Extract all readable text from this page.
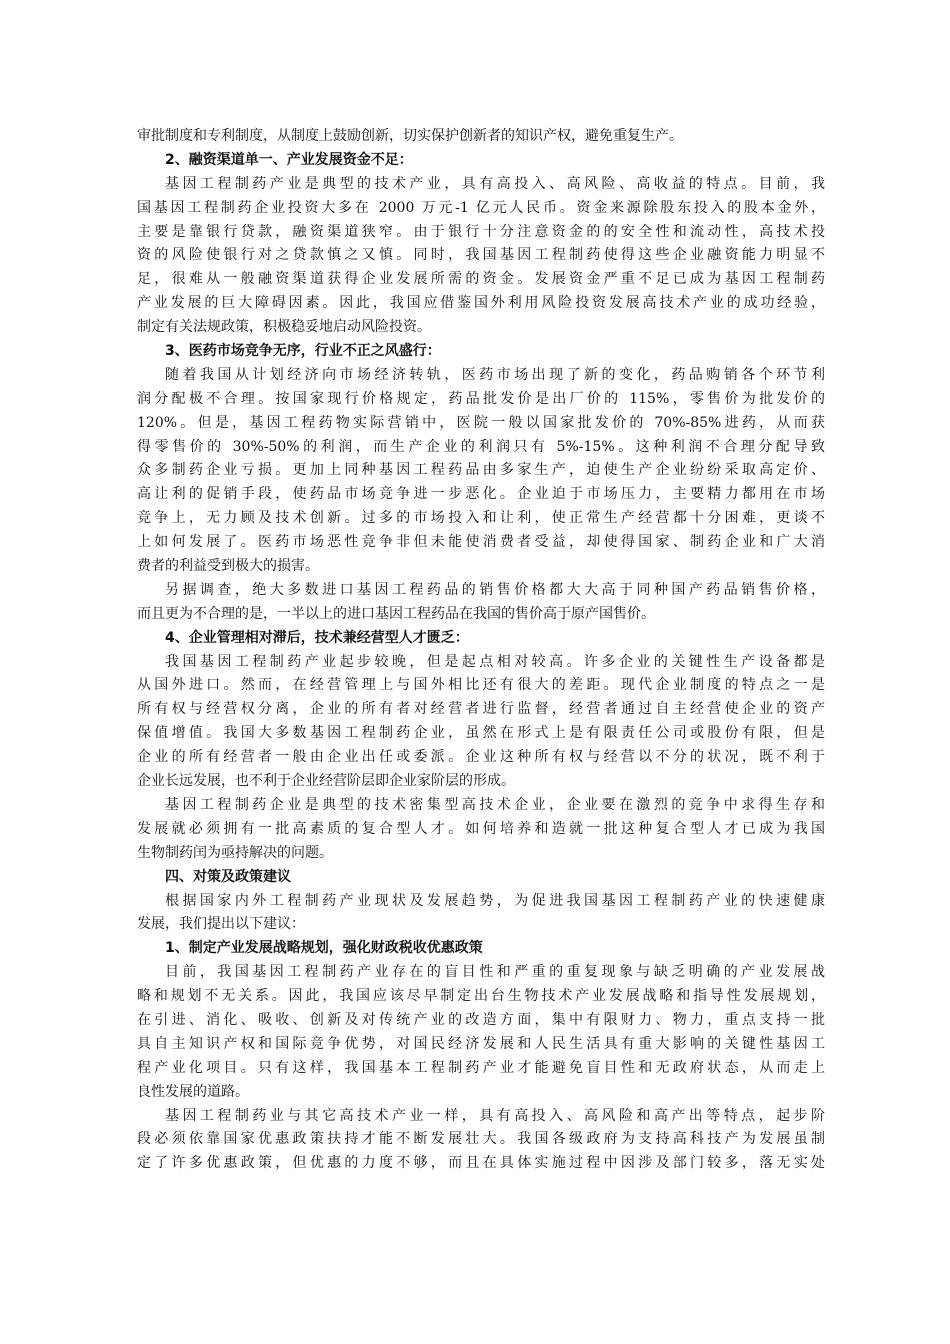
审批制度和专利制度，从制度上鼓励创新，切实保护创新者的知识产权，避免重复生产。
2、融资渠道单一、产业发展资金不足：
基因工程制药产业是典型的技术产业，具有高投入、高风险、高收益的特点。目前，我
国基因工程制药企业投资大多在 2000 万元-1 亿元人民币。资金来源除股东投入的股本金外，
主要是靠银行贷款，融资渠道狭窄。由于银行十分注意资金的的安全性和流动性，高技术投
资的风险使银行对之贷款慎之又慎。同时，我国基因工程制药使得这些企业融资能力明显不
足，很难从一般融资渠道获得企业发展所需的资金。发展资金严重不足已成为基因工程制药
产业发展的巨大障碍因素。因此，我国应借鉴国外利用风险投资发展高技术产业的成功经验，
制定有关法规政策，积极稳妥地启动风险投资。
3、医药市场竞争无序，行业不正之风盛行：
随着我国从计划经济向市场经济转轨，医药市场出现了新的变化，药品购销各个环节利
润分配极不合理。按国家现行价格规定，药品批发价是出厂价的 115%，零售价为批发价的
120%。但是，基因工程药物实际营销中，医院一般以国家批发价的 70%-85%进药，从而获
得零售价的 30%-50%的利润，而生产企业的利润只有 5%-15%。这种利润不合理分配导致
众多制药企业亏损。更加上同种基因工程药品由多家生产，迫使生产企业纷纷采取高定价、
高让利的促销手段，使药品市场竞争进一步恶化。企业迫于市场压力，主要精力都用在市场
竞争上，无力顾及技术创新。过多的市场投入和让利，使正常生产经营都十分困难，更谈不
上如何发展了。医药市场恶性竞争非但未能使消费者受益，却使得国家、制药企业和广大消
费者的利益受到极大的损害。
另据调查，绝大多数进口基因工程药品的销售价格都大大高于同种国产药品销售价格，
而且更为不合理的是，一半以上的进口基因工程药品在我国的售价高于原产国售价。
4、企业管理相对滞后，技术兼经营型人才匮乏：
我国基因工程制药产业起步较晚，但是起点相对较高。许多企业的关键性生产设备都是
从国外进口。然而，在经营管理上与国外相比还有很大的差距。现代企业制度的特点之一是
所有权与经营权分离，企业的所有者对经营者进行监督，经营者通过自主经营使企业的资产
保值增值。我国大多数基因工程制药企业，虽然在形式上是有限责任公司或股份有限，但是
企业的所有经营者一般由企业出任或委派。企业这种所有权与经营以不分的状况，既不利于
企业长远发展，也不利于企业经营阶层即企业家阶层的形成。
基因工程制药企业是典型的技术密集型高技术企业，企业要在激烈的竞争中求得生存和
发展就必须拥有一批高素质的复合型人才。如何培养和造就一批这种复合型人才已成为我国
生物制药闰为亟持解决的问题。
四、对策及政策建议
根据国家内外工程制药产业现状及发展趋势，为促进我国基因工程制药产业的快速健康
发展，我们提出以下建议：
1、制定产业发展战略规划，强化财政税收优惠政策
目前，我国基因工程制药产业存在的盲目性和严重的重复现象与缺乏明确的产业发展战
略和规划不无关系。因此，我国应该尽早制定出台生物技术产业发展战略和指导性发展规划，
在引进、消化、吸收、创新及对传统产业的改造方面，集中有限财力、物力，重点支持一批
具自主知识产权和国际竞争优势，对国民经济发展和人民生活具有重大影响的关键性基因工
程产业化项目。只有这样，我国基本工程制药产业才能避免盲目性和无政府状态，从而走上
良性发展的道路。
基因工程制药业与其它高技术产业一样，具有高投入、高风险和高产出等特点，起步阶
段必须依靠国家优惠政策扶持才能不断发展壮大。我国各级政府为支持高科技产为发展虽制
定了许多优惠政策，但优惠的力度不够，而且在具体实施过程中因涉及部门较多，落无实处
